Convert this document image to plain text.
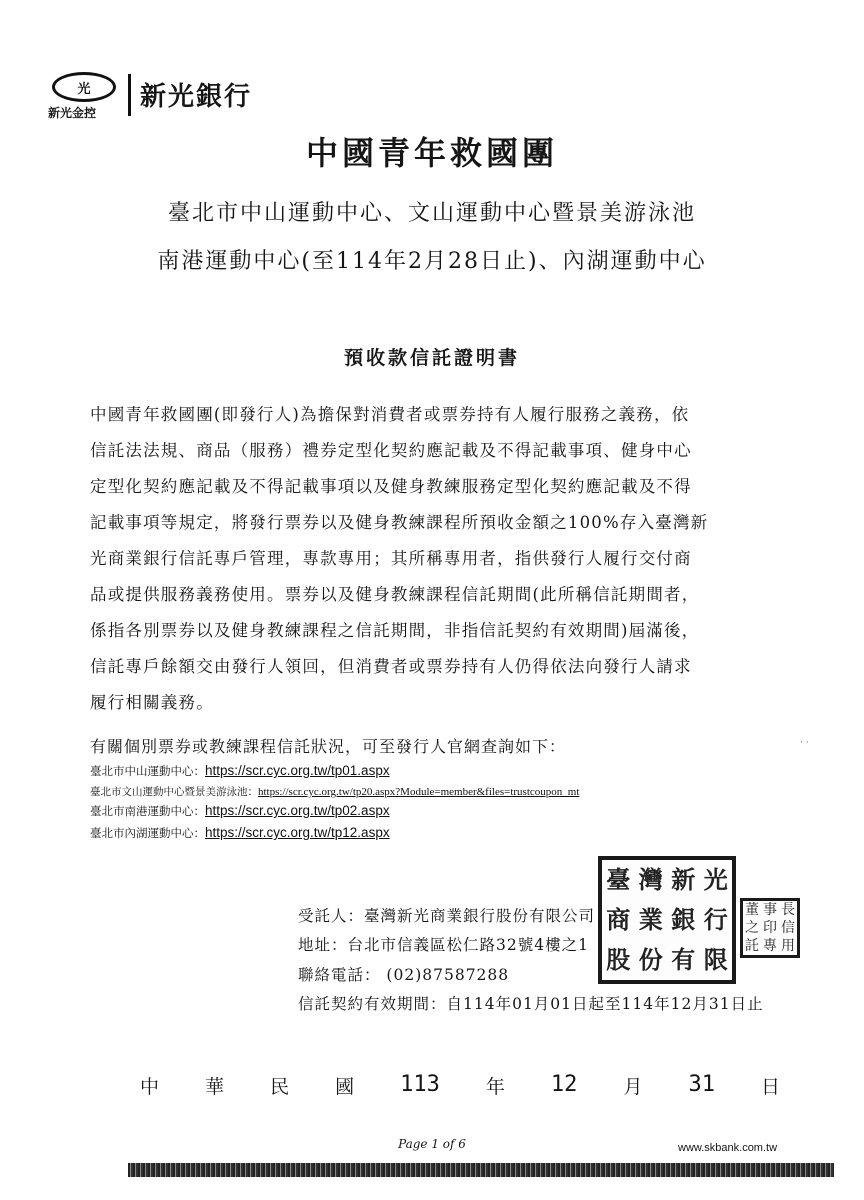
光
新光金控
新光銀行
中國青年救國團
臺北市中山運動中心、文山運動中心暨景美游泳池
南港運動中心(至114年2月28日止)、內湖運動中心
預收款信託證明書
中國青年救國團(即發行人)為擔保對消費者或票券持有人履行服務之義務，依
信託法法規、商品（服務）禮券定型化契約應記載及不得記載事項、健身中心
定型化契約應記載及不得記載事項以及健身教練服務定型化契約應記載及不得
記載事項等規定，將發行票券以及健身教練課程所預收金額之100%存入臺灣新
光商業銀行信託專戶管理，專款專用；其所稱專用者，指供發行人履行交付商
品或提供服務義務使用。票券以及健身教練課程信託期間(此所稱信託期間者，
係指各別票券以及健身教練課程之信託期間，非指信託契約有效期間)屆滿後，
信託專戶餘額交由發行人領回，但消費者或票券持有人仍得依法向發行人請求
履行相關義務。
有關個別票券或教練課程信託狀況，可至發行人官網查詢如下：
臺北市中山運動中心：https://scr.cyc.org.tw/tp01.aspx
臺北市文山運動中心暨景美游泳池：https://scr.cyc.org.tw/tp20.aspx?Module=member&files=trustcoupon_mt
臺北市南港運動中心：https://scr.cyc.org.tw/tp02.aspx
臺北市內湖運動中心：https://scr.cyc.org.tw/tp12.aspx
· ·
受託人：臺灣新光商業銀行股份有限公司
地址：台北市信義區松仁路32號4樓之1
聯絡電話： (02)87587288
信託契約有效期間：自114年01月01日起至114年12月31日止
臺 灣 新 光
商 業 銀 行
股 份 有 限
董 事 長
之 印 信
託 專 用
中 華 民 國 113 年 12 月 31 日
Page 1 of 6	www.skbank.com.tw
